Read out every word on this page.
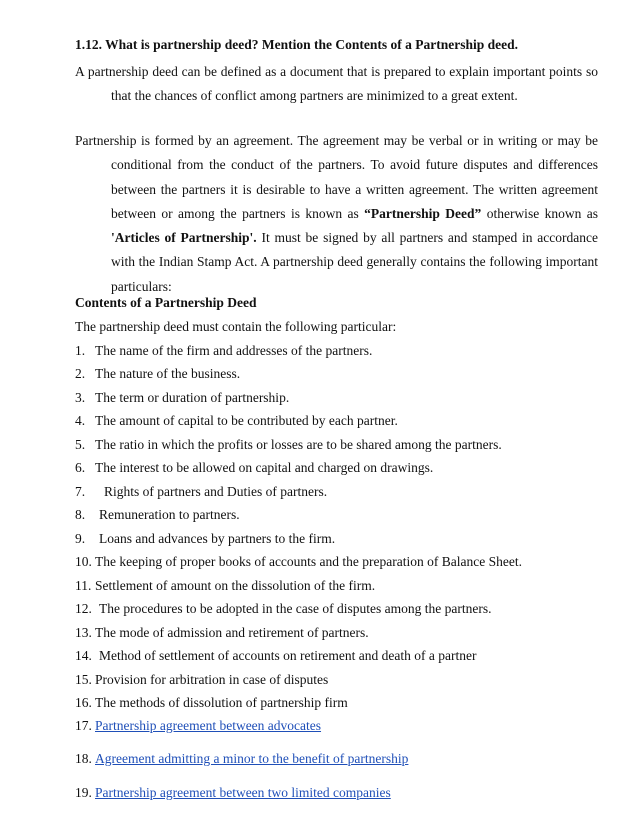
1.12. What is partnership deed? Mention the Contents of a Partnership deed.

A partnership deed can be defined as a document that is prepared to explain important points so that the chances of conflict among partners are minimized to a great extent.

Partnership is formed by an agreement. The agreement may be verbal or in writing or may be conditional from the conduct of the partners. To avoid future disputes and differences between the partners it is desirable to have a written agreement. The written agreement between or among the partners is known as “Partnership Deed” otherwise known as 'Articles of Partnership'. It must be signed by all partners and stamped in accordance with the Indian Stamp Act. A partnership deed generally contains the following important particulars:

Contents of a Partnership Deed
The partnership deed must contain the following particular:
1. The name of the firm and addresses of the partners.
2. The nature of the business.
3. The term or duration of partnership.
4. The amount of capital to be contributed by each partner.
5. The ratio in which the profits or losses are to be shared among the partners.
6. The interest to be allowed on capital and charged on drawings.
7. Rights of partners and Duties of partners.
8. Remuneration to partners.
9. Loans and advances by partners to the firm.
10. The keeping of proper books of accounts and the preparation of Balance Sheet.
11. Settlement of amount on the dissolution of the firm.
12. The procedures to be adopted in the case of disputes among the partners.
13. The mode of admission and retirement of partners.
14. Method of settlement of accounts on retirement and death of a partner
15. Provision for arbitration in case of disputes
16. The methods of dissolution of partnership firm
17. Partnership agreement between advocates
18. Agreement admitting a minor to the benefit of partnership
19. Partnership agreement between two limited companies
